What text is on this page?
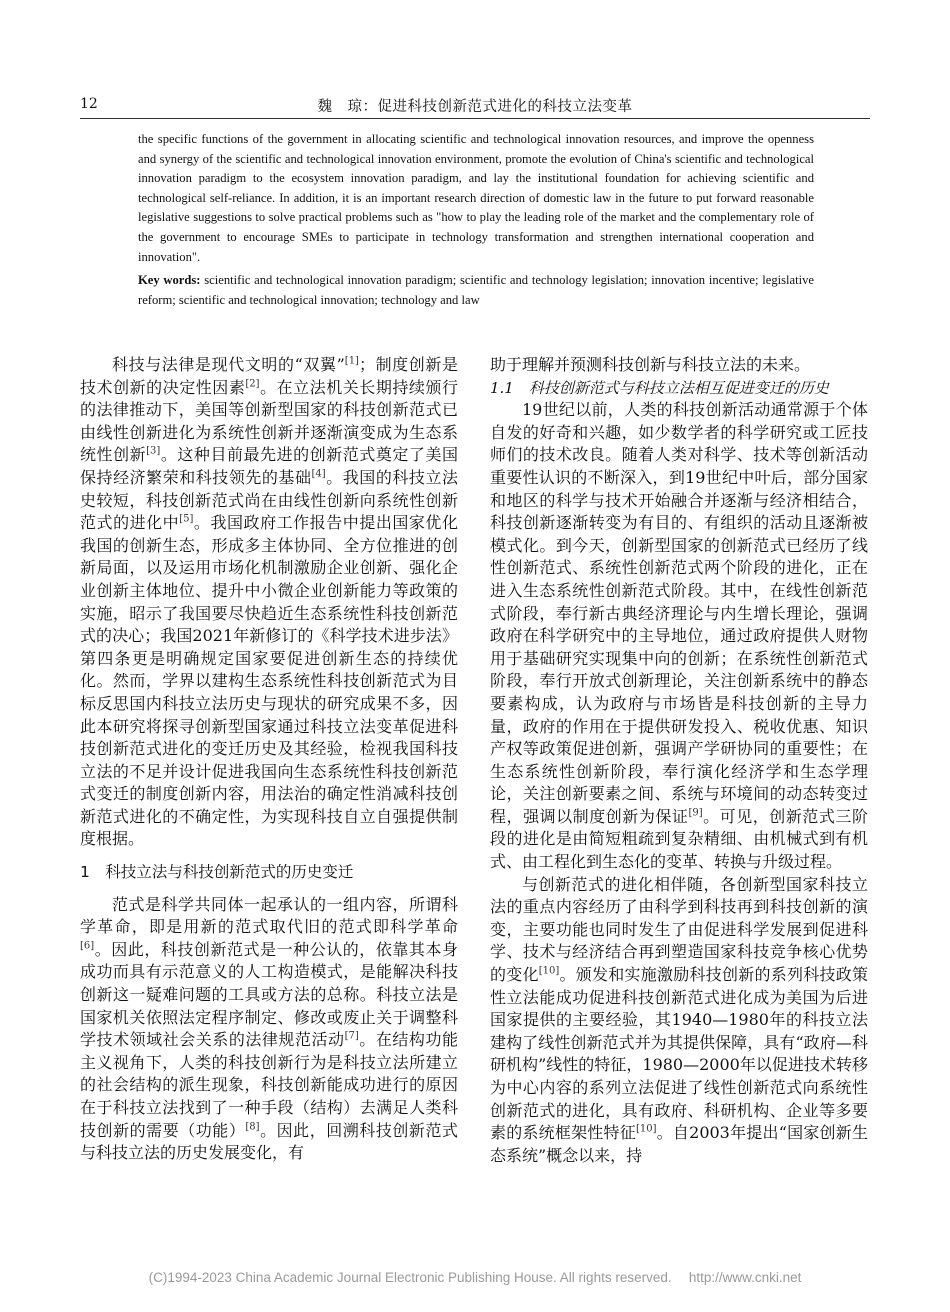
12	魏　琼：促进科技创新范式进化的科技立法变革

the specific functions of the government in allocating scientific and technological innovation resources, and improve the openness and synergy of the scientific and technological innovation environment, promote the evolution of China's scientific and technological innovation paradigm to the ecosystem innovation paradigm, and lay the institutional foundation for achieving scientific and technological self-reliance. In addition, it is an important research direction of domestic law in the future to put forward reasonable legislative suggestions to solve practical problems such as "how to play the leading role of the market and the complementary role of the government to encourage SMEs to participate in technology transformation and strengthen international cooperation and innovation".

Key words: scientific and technological innovation paradigm; scientific and technology legislation; innovation incentive; legislative reform; scientific and technological innovation; technology and law

科技与法律是现代文明的“双翼”[1]；制度创新是技术创新的决定性因素[2]。在立法机关长期持续颁行的法律推动下，美国等创新型国家的科技创新范式已由线性创新进化为系统性创新并逐渐演变成为生态系统性创新[3]。这种目前最先进的创新范式奠定了美国保持经济繁荣和科技领先的基础[4]。我国的科技立法史较短，科技创新范式尚在由线性创新向系统性创新范式的进化中[5]。我国政府工作报告中提出国家优化我国的创新生态，形成多主体协同、全方位推进的创新局面，以及运用市场化机制激励企业创新、强化企业创新主体地位、提升中小微企业创新能力等政策的实施，昭示了我国要尽快趋近生态系统性科技创新范式的决心；我国2021年新修订的《科学技术进步法》第四条更是明确规定国家要促进创新生态的持续优化。然而，学界以建构生态系统性科技创新范式为目标反思国内科技立法历史与现状的研究成果不多，因此本研究将探寻创新型国家通过科技立法变革促进科技创新范式进化的变迁历史及其经验，检视我国科技立法的不足并设计促进我国向生态系统性科技创新范式变迁的制度创新内容，用法治的确定性消减科技创新范式进化的不确定性，为实现科技自立自强提供制度根据。

1　科技立法与科技创新范式的历史变迁

范式是科学共同体一起承认的一组内容，所谓科学革命，即是用新的范式取代旧的范式即科学革命[6]。因此，科技创新范式是一种公认的，依靠其本身成功而具有示范意义的人工构造模式，是能解决科技创新这一疑难问题的工具或方法的总称。科技立法是国家机关依照法定程序制定、修改或废止关于调整科学技术领域社会关系的法律规范活动[7]。在结构功能主义视角下，人类的科技创新行为是科技立法所建立的社会结构的派生现象，科技创新能成功进行的原因在于科技立法找到了一种手段（结构）去满足人类科技创新的需要（功能）[8]。因此，回溯科技创新范式与科技立法的历史发展变化，有

助于理解并预测科技创新与科技立法的未来。

1.1　科技创新范式与科技立法相互促进变迁的历史

19世纪以前，人类的科技创新活动通常源于个体自发的好奇和兴趣，如少数学者的科学研究或工匠技师们的技术改良。随着人类对科学、技术等创新活动重要性认识的不断深入，到19世纪中叶后，部分国家和地区的科学与技术开始融合并逐渐与经济相结合，科技创新逐渐转变为有目的、有组织的活动且逐渐被模式化。到今天，创新型国家的创新范式已经历了线性创新范式、系统性创新范式两个阶段的进化，正在进入生态系统性创新范式阶段。其中，在线性创新范式阶段，奉行新古典经济理论与内生增长理论，强调政府在科学研究中的主导地位，通过政府提供人财物用于基础研究实现集中向的创新；在系统性创新范式阶段，奉行开放式创新理论，关注创新系统中的静态要素构成，认为政府与市场皆是科技创新的主导力量，政府的作用在于提供研发投入、税收优惠、知识产权等政策促进创新，强调产学研协同的重要性；在生态系统性创新阶段，奉行演化经济学和生态学理论，关注创新要素之间、系统与环境间的动态转变过程，强调以制度创新为保证[9]。可见，创新范式三阶段的进化是由简短粗疏到复杂精细、由机械式到有机式、由工程化到生态化的变革、转换与升级过程。

与创新范式的进化相伴随，各创新型国家科技立法的重点内容经历了由科学到科技再到科技创新的演变，主要功能也同时发生了由促进科学发展到促进科学、技术与经济结合再到塑造国家科技竞争核心优势的变化[10]。颁发和实施激励科技创新的系列科技政策性立法能成功促进科技创新范式进化成为美国为后进国家提供的主要经验，其1940—1980年的科技立法建构了线性创新范式并为其提供保障，具有“政府—科研机构”线性的特征，1980—2000年以促进技术转移为中心内容的系列立法促进了线性创新范式向系统性创新范式的进化，具有政府、科研机构、企业等多要素的系统框架性特征[10]。自2003年提出“国家创新生态系统”概念以来，持

(C)1994-2023 China Academic Journal Electronic Publishing House. All rights reserved.　 http://www.cnki.net
